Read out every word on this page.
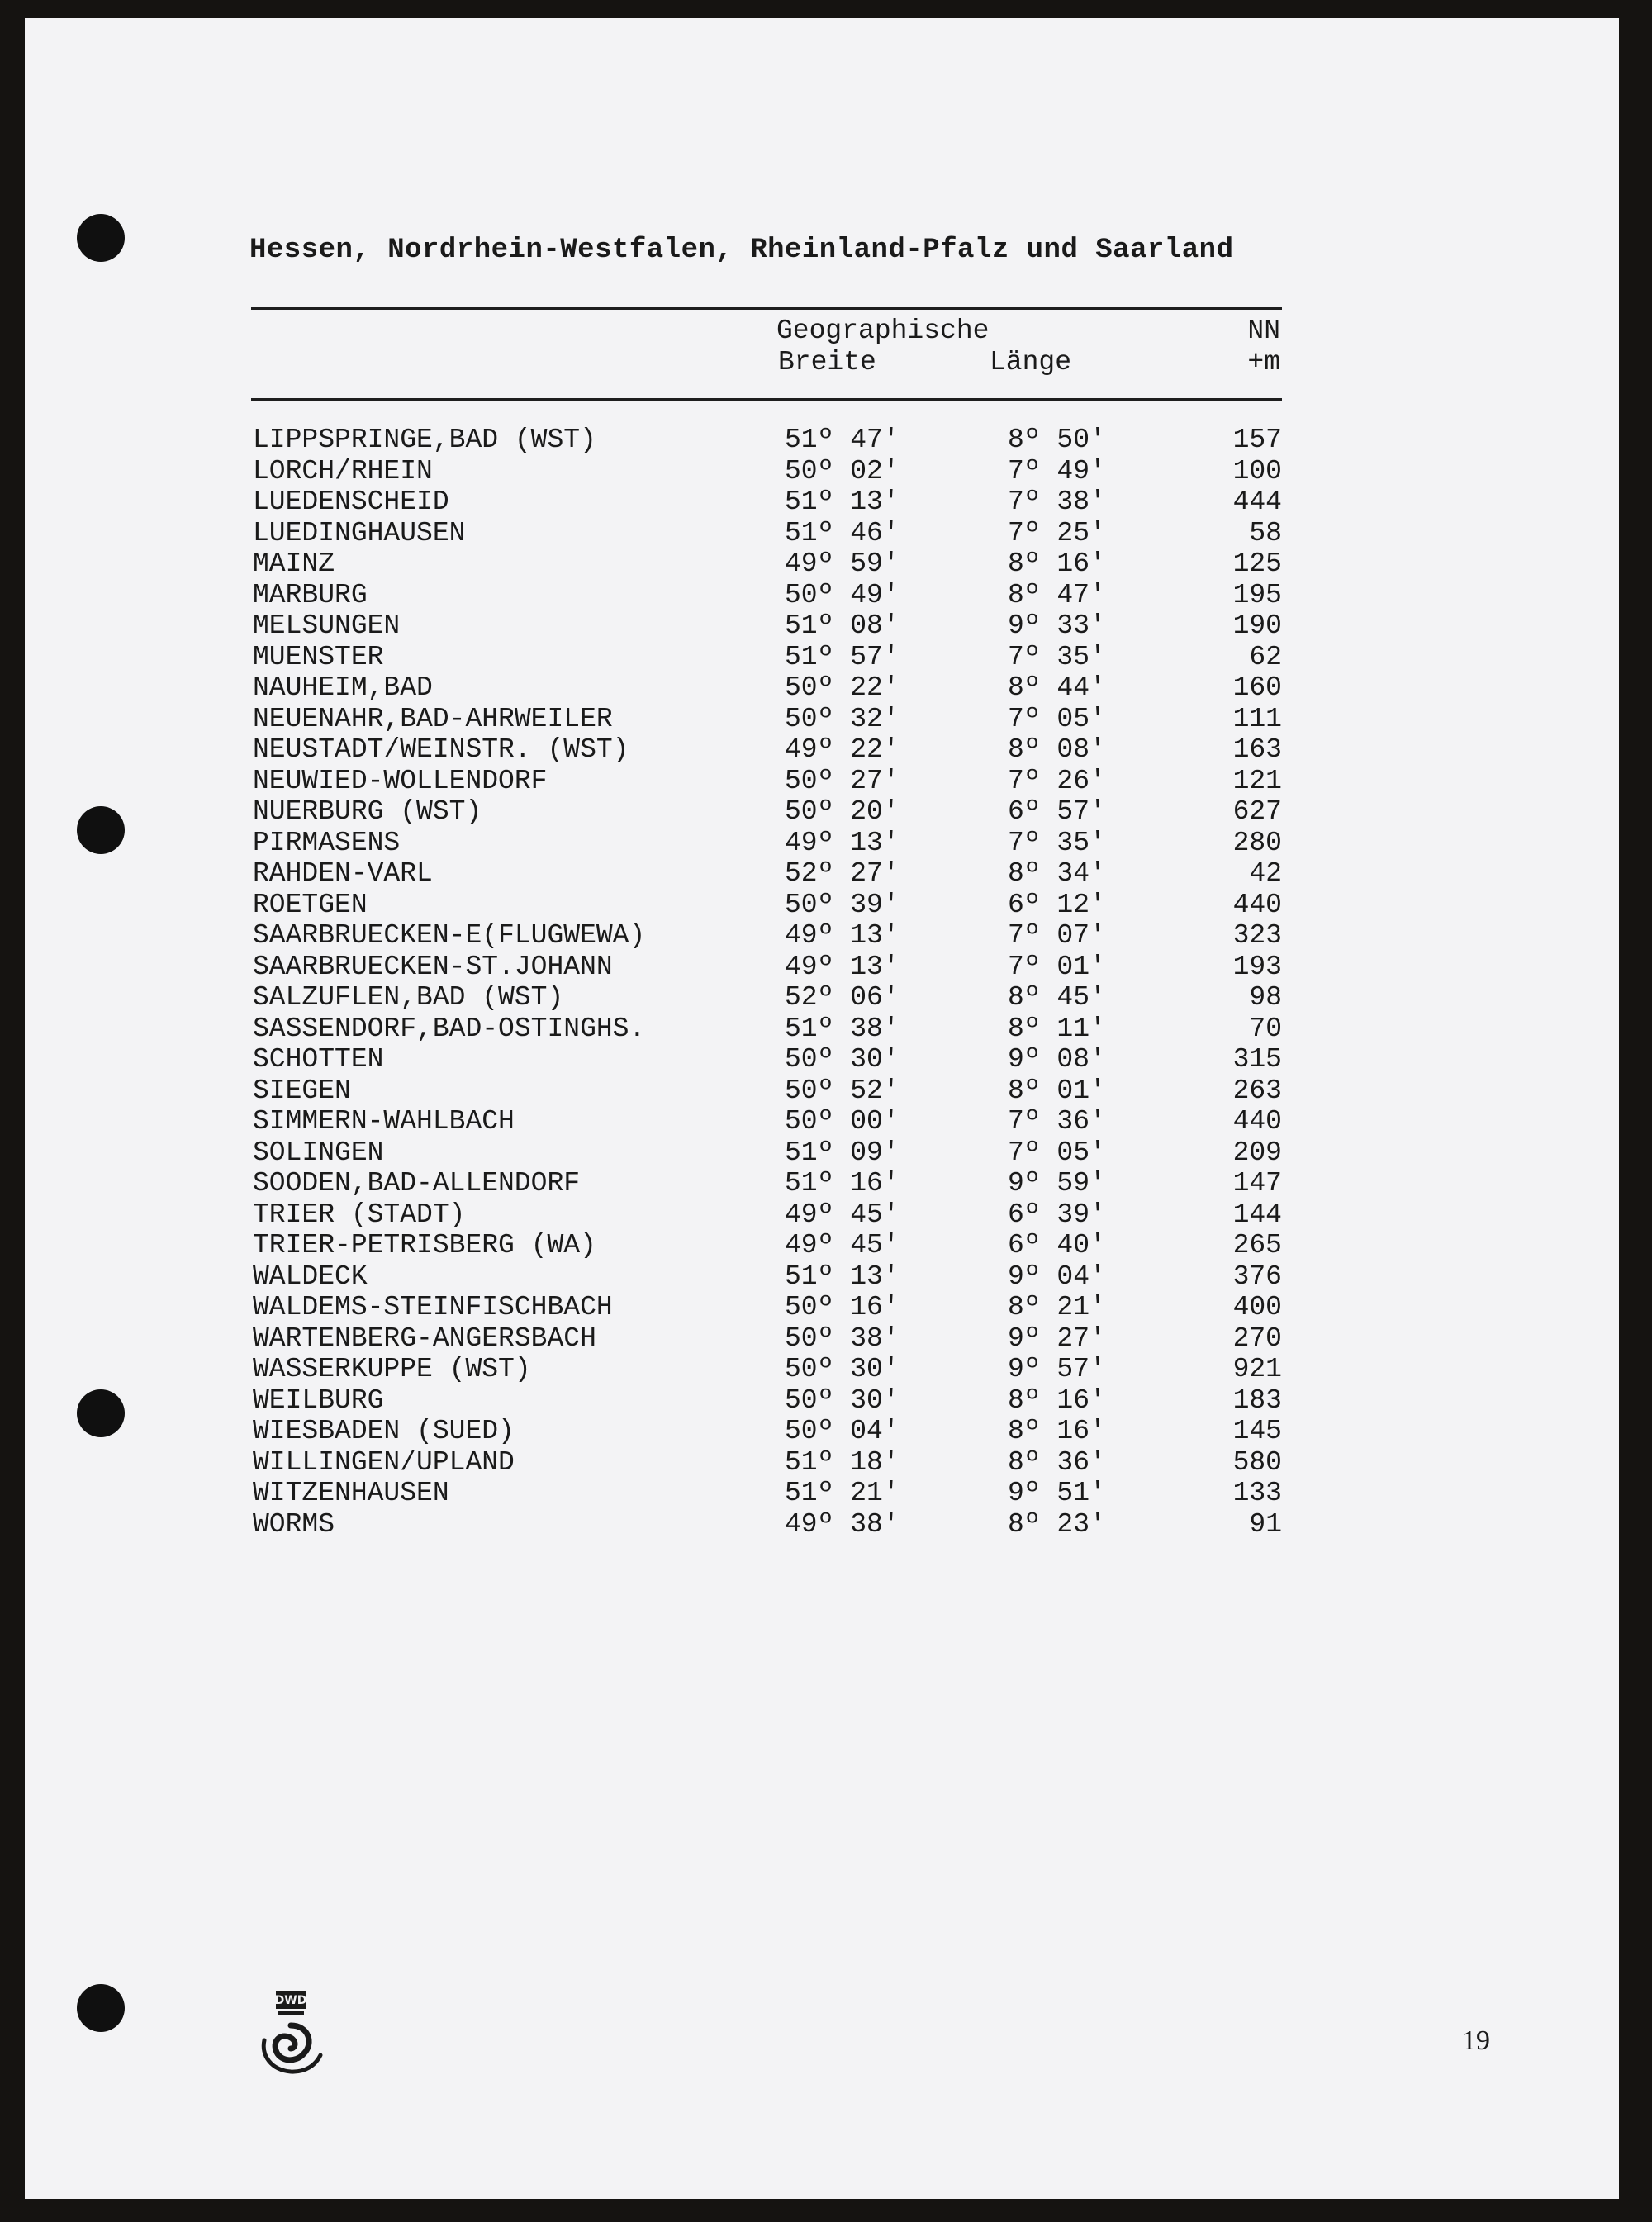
Hessen, Nordrhein-Westfalen, Rheinland-Pfalz und Saarland
Geographische
Breite	Länge
NN
+m
LIPPSPRINGE,BAD (WST)	51º 47′	8º 50′	157
LORCH/RHEIN	50º 02′	7º 49′	100
LUEDENSCHEID	51º 13′	7º 38′	444
LUEDINGHAUSEN	51º 46′	7º 25′	58
MAINZ	49º 59′	8º 16′	125
MARBURG	50º 49′	8º 47′	195
MELSUNGEN	51º 08′	9º 33′	190
MUENSTER	51º 57′	7º 35′	62
NAUHEIM,BAD	50º 22′	8º 44′	160
NEUENAHR,BAD-AHRWEILER	50º 32′	7º 05′	111
NEUSTADT/WEINSTR. (WST)	49º 22′	8º 08′	163
NEUWIED-WOLLENDORF	50º 27′	7º 26′	121
NUERBURG (WST)	50º 20′	6º 57′	627
PIRMASENS	49º 13′	7º 35′	280
RAHDEN-VARL	52º 27′	8º 34′	42
ROETGEN	50º 39′	6º 12′	440
SAARBRUECKEN-E(FLUGWEWA)	49º 13′	7º 07′	323
SAARBRUECKEN-ST.JOHANN	49º 13′	7º 01′	193
SALZUFLEN,BAD (WST)	52º 06′	8º 45′	98
SASSENDORF,BAD-OSTINGHS.	51º 38′	8º 11′	70
SCHOTTEN	50º 30′	9º 08′	315
SIEGEN	50º 52′	8º 01′	263
SIMMERN-WAHLBACH	50º 00′	7º 36′	440
SOLINGEN	51º 09′	7º 05′	209
SOODEN,BAD-ALLENDORF	51º 16′	9º 59′	147
TRIER (STADT)	49º 45′	6º 39′	144
TRIER-PETRISBERG (WA)	49º 45′	6º 40′	265
WALDECK	51º 13′	9º 04′	376
WALDEMS-STEINFISCHBACH	50º 16′	8º 21′	400
WARTENBERG-ANGERSBACH	50º 38′	9º 27′	270
WASSERKUPPE (WST)	50º 30′	9º 57′	921
WEILBURG	50º 30′	8º 16′	183
WIESBADEN (SUED)	50º 04′	8º 16′	145
WILLINGEN/UPLAND	51º 18′	8º 36′	580
WITZENHAUSEN	51º 21′	9º 51′	133
WORMS	49º 38′	8º 23′	91
DWD
19
